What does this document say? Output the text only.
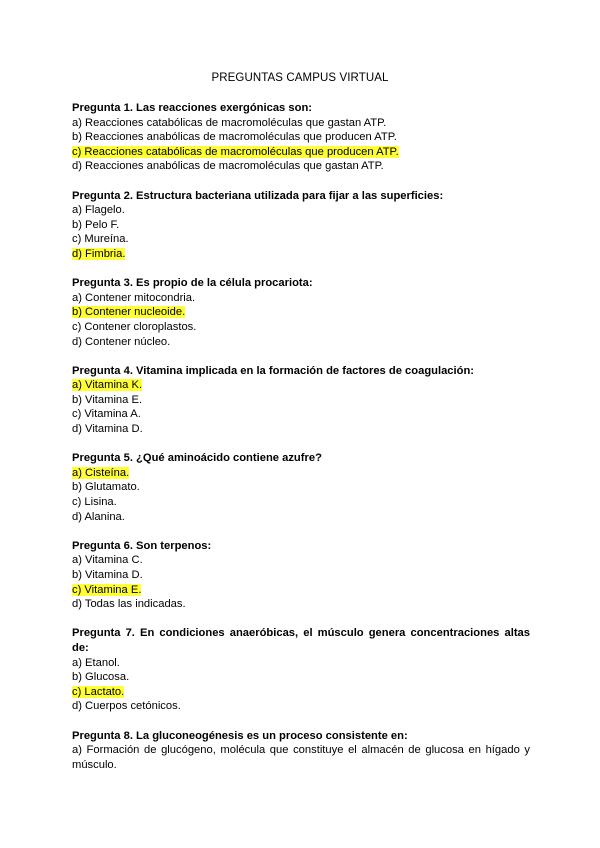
PREGUNTAS CAMPUS VIRTUAL
Pregunta 1. Las reacciones exergónicas son:
a) Reacciones catabólicas de macromoléculas que gastan ATP.
b) Reacciones anabólicas de macromoléculas que producen ATP.
c) Reacciones catabólicas de macromoléculas que producen ATP.
d) Reacciones anabólicas de macromoléculas que gastan ATP.
Pregunta 2. Estructura bacteriana utilizada para fijar a las superficies:
a) Flagelo.
b) Pelo F.
c) Mureína.
d) Fimbria.
Pregunta 3. Es propio de la célula procariota:
a) Contener mitocondria.
b) Contener nucleoide.
c) Contener cloroplastos.
d) Contener núcleo.
Pregunta 4. Vitamina implicada en la formación de factores de coagulación:
a) Vitamina K.
b) Vitamina E.
c) Vitamina A.
d) Vitamina D.
Pregunta 5. ¿Qué aminoácido contiene azufre?
a) Cisteína.
b) Glutamato.
c) Lisina.
d) Alanina.
Pregunta 6. Son terpenos:
a) Vitamina C.
b) Vitamina D.
c) Vitamina E.
d) Todas las indicadas.
Pregunta 7. En condiciones anaeróbicas, el músculo genera concentraciones altas de:
a) Etanol.
b) Glucosa.
c) Lactato.
d) Cuerpos cetónicos.
Pregunta 8. La gluconeogénesis es un proceso consistente en:
a) Formación de glucógeno, molécula que constituye el almacén de glucosa en hígado y músculo.
